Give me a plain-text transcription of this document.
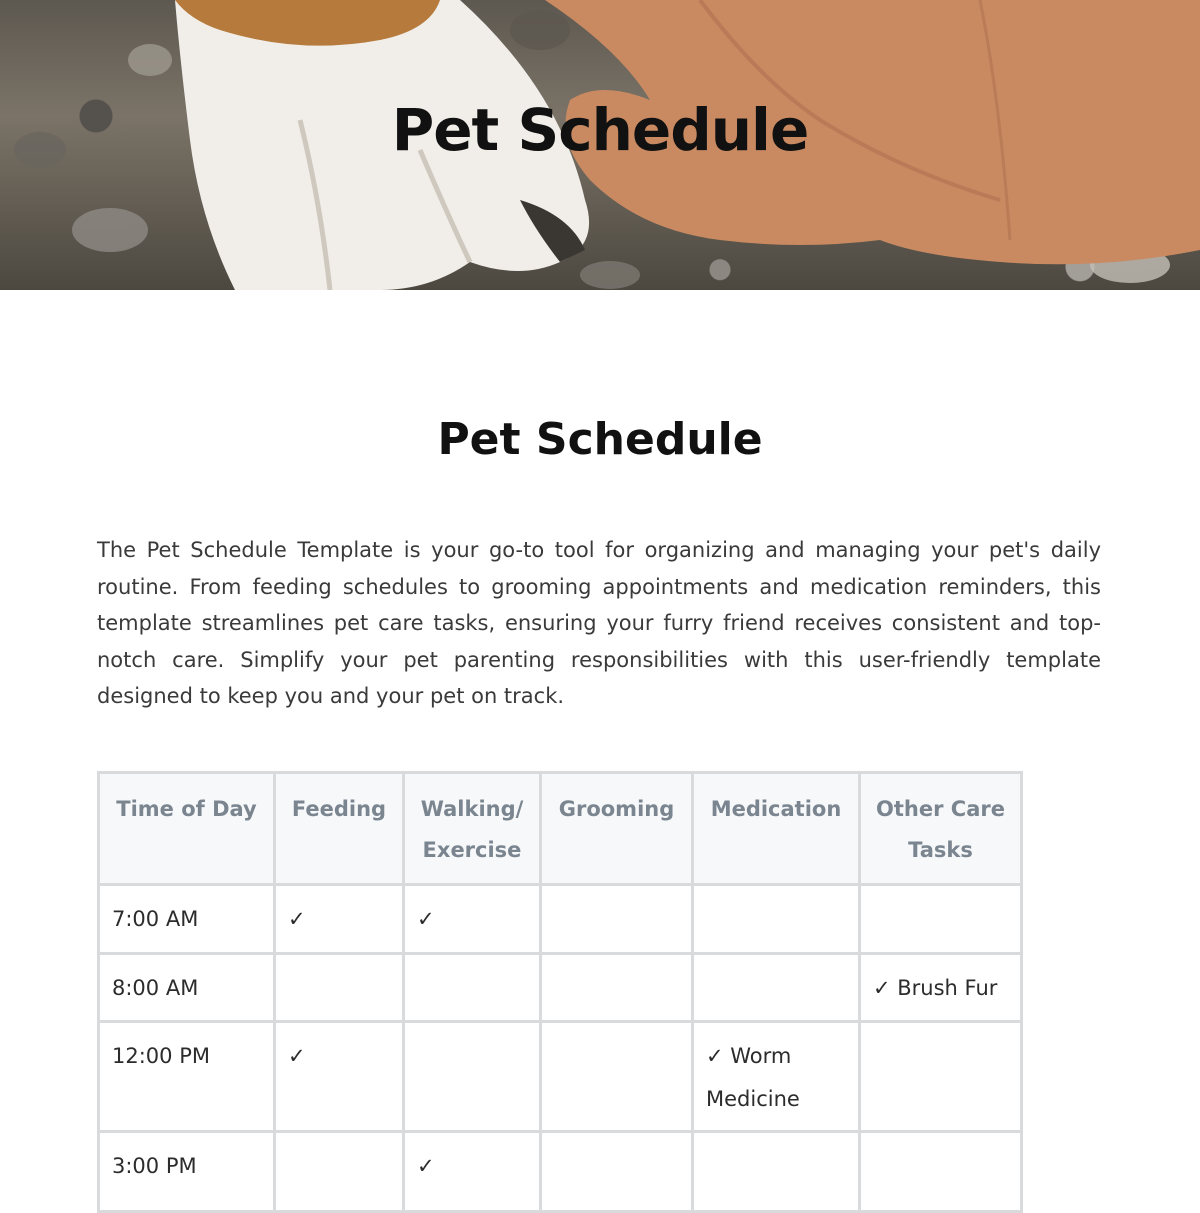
Pet Schedule
Pet Schedule

The Pet Schedule Template is your go-to tool for organizing and managing your pet's daily routine. From feeding schedules to grooming appointments and medication reminders, this template streamlines pet care tasks, ensuring your furry friend receives consistent and top-notch care. Simplify your pet parenting responsibilities with this user-friendly template designed to keep you and your pet on track.

Time of Day	Feeding	Walking/ Exercise	Grooming	Medication	Other Care Tasks
7:00 AM	✓	✓			
8:00 AM					✓ Brush Fur
12:00 PM	✓			✓ Worm Medicine	
3:00 PM		✓			
